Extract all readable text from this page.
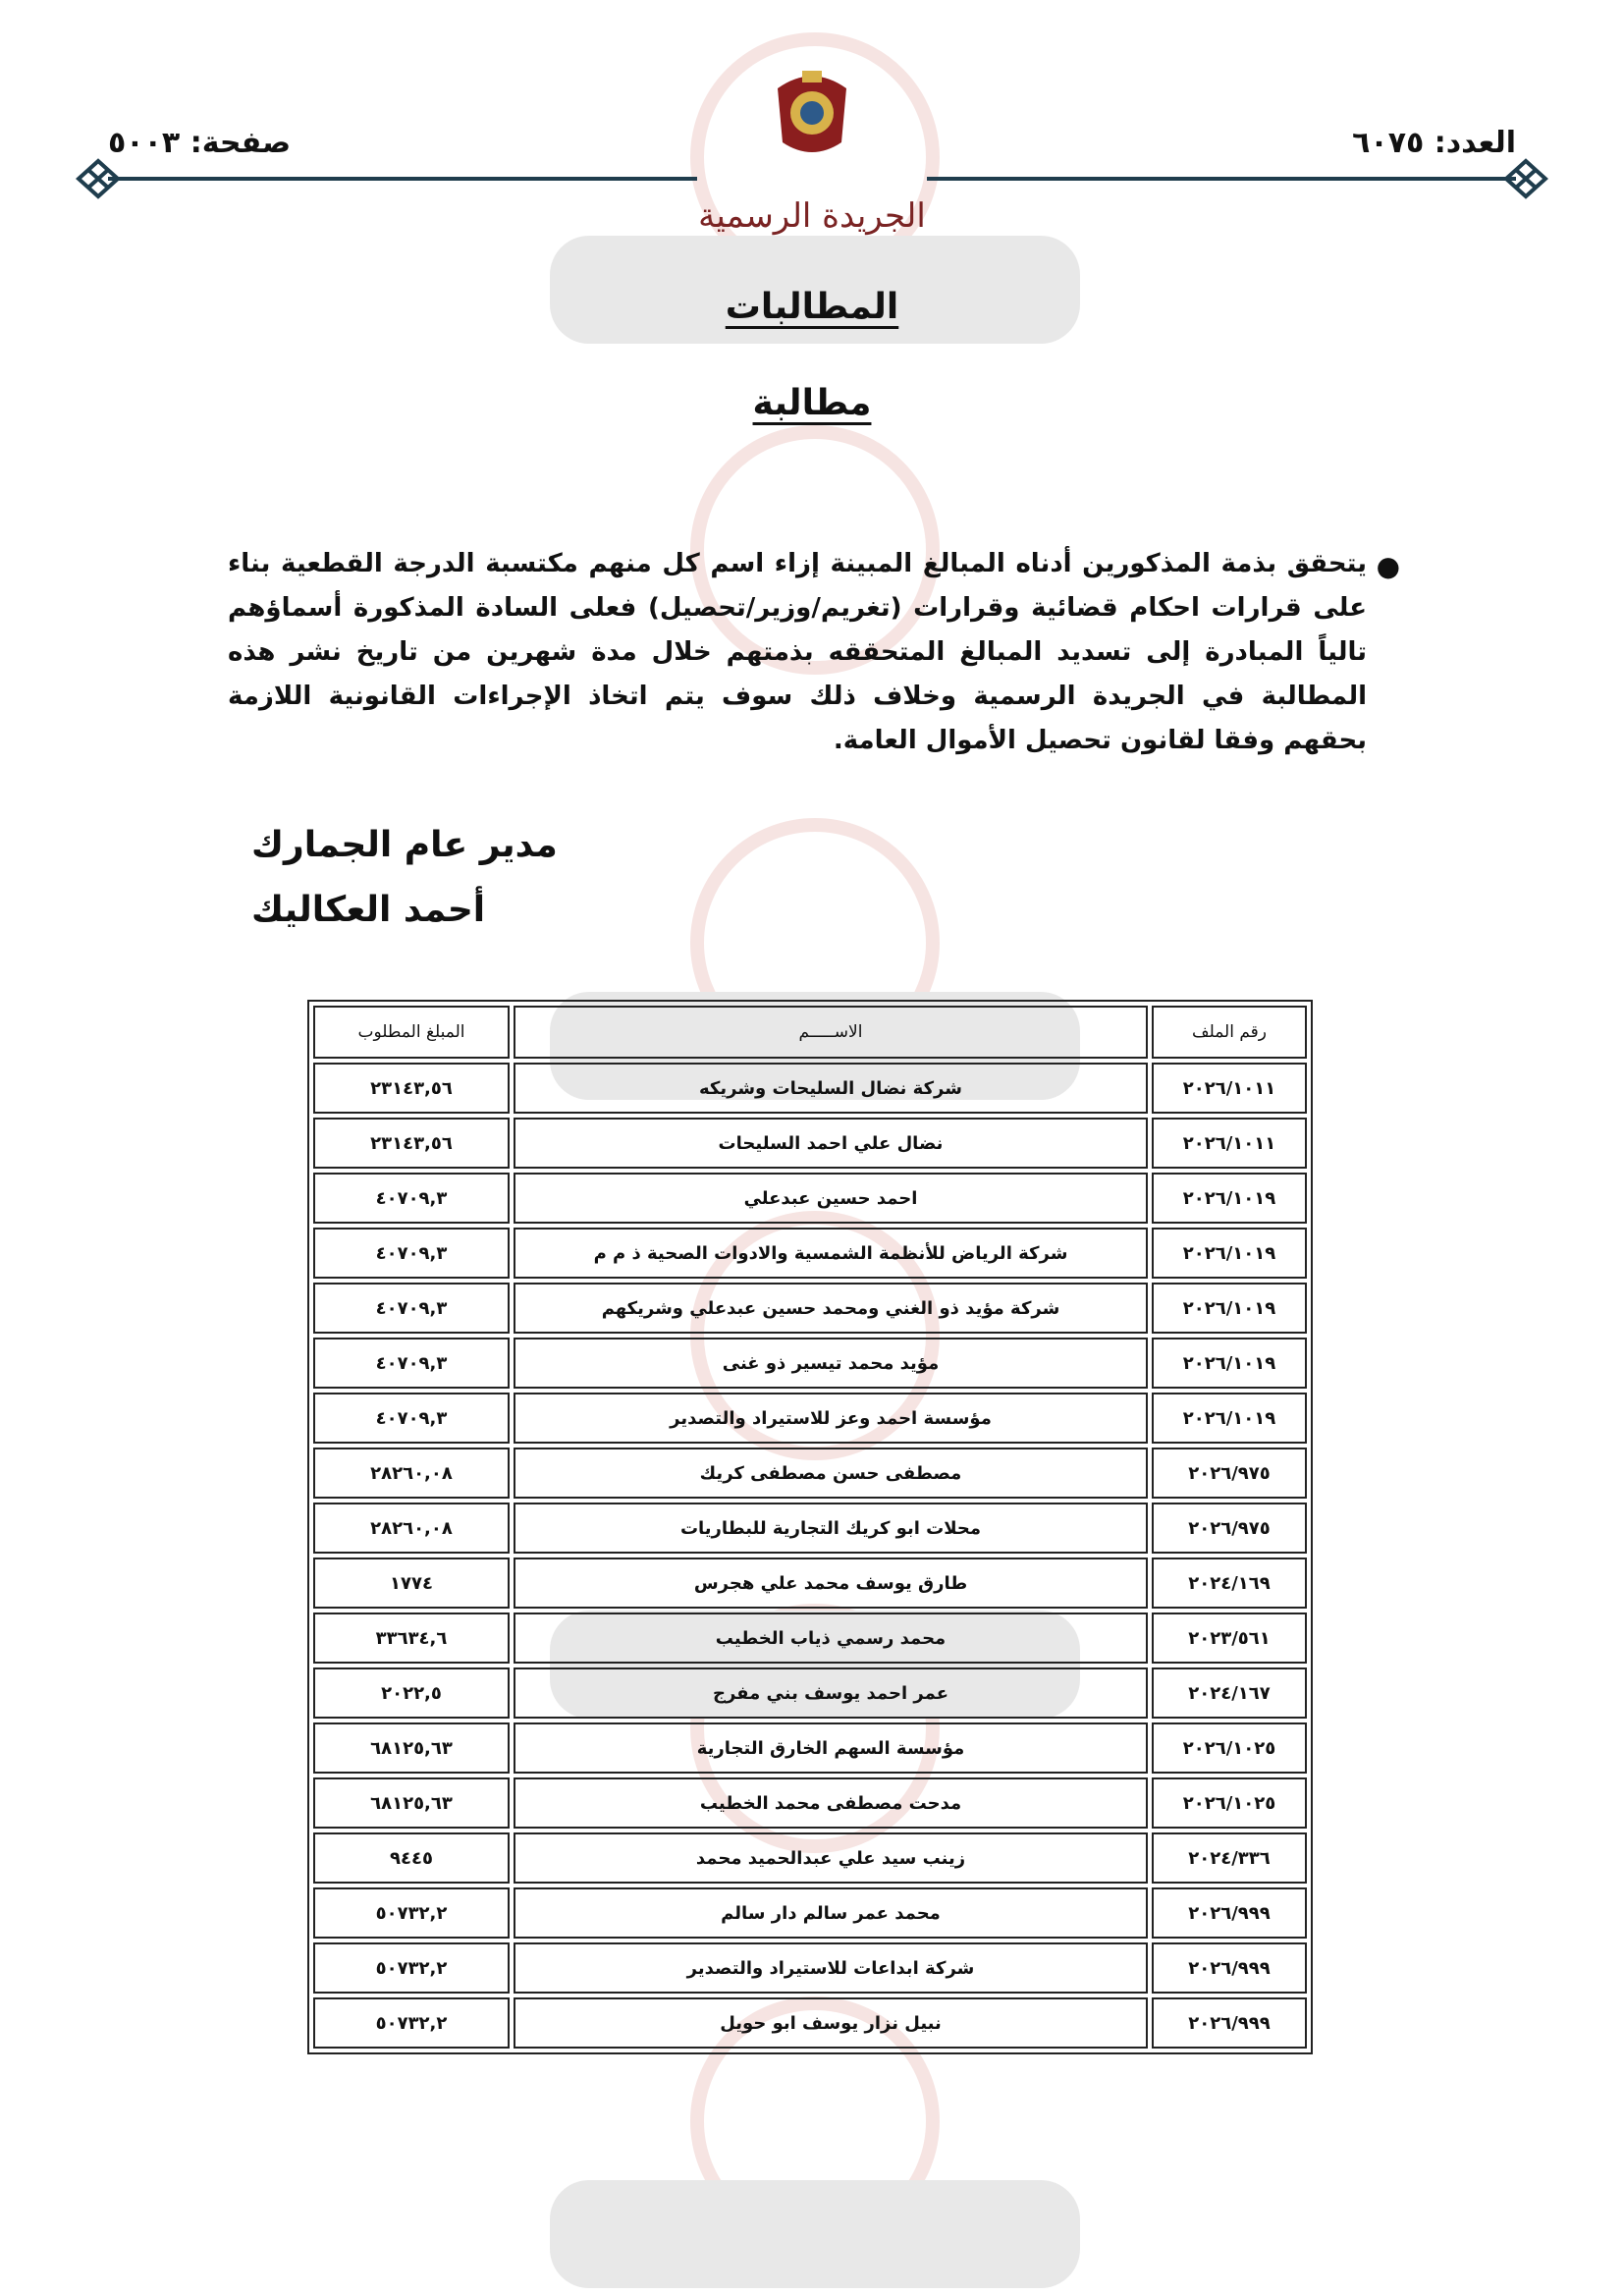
العدد: ٦٠٧٥
صفحة: ٥٠٠٣
الجريدة الرسمية
المطالبات
مطالبة
●
يتحقق بذمة المذكورين أدناه المبالغ المبينة إزاء اسم كل منهم مكتسبة الدرجة القطعية بناء على قرارات احكام قضائية وقرارات (تغريم/وزير/تحصيل) فعلى السادة المذكورة أسماؤهم تالياً المبادرة إلى تسديد المبالغ المتحققه بذمتهم خلال مدة شهرين من تاريخ نشر هذه المطالبة في الجريدة الرسمية وخلاف ذلك سوف يتم اتخاذ الإجراءات القانونية اللازمة بحقهم وفقا لقانون تحصيل الأموال العامة.
مدير عام الجمارك
أحمد العكاليك
رقم الملف	الاســـــم	المبلغ المطلوب
٢٠٢٦/١٠١١	شركة نضال السليحات وشريكه	٢٣١٤٣,٥٦
٢٠٢٦/١٠١١	نضال علي احمد السليحات	٢٣١٤٣,٥٦
٢٠٢٦/١٠١٩	احمد حسين عبدعلي	٤٠٧٠٩,٣
٢٠٢٦/١٠١٩	شركة الرياض للأنظمة الشمسية والادوات الصحية ذ م م	٤٠٧٠٩,٣
٢٠٢٦/١٠١٩	شركة مؤيد ذو الغني ومحمد حسين عبدعلي وشريكهم	٤٠٧٠٩,٣
٢٠٢٦/١٠١٩	مؤيد محمد تيسير ذو غنى	٤٠٧٠٩,٣
٢٠٢٦/١٠١٩	مؤسسة احمد وعز للاستيراد والتصدير	٤٠٧٠٩,٣
٢٠٢٦/٩٧٥	مصطفى حسن مصطفى كريك	٢٨٢٦٠,٠٨
٢٠٢٦/٩٧٥	محلات ابو كريك التجارية للبطاريات	٢٨٢٦٠,٠٨
٢٠٢٤/١٦٩	طارق يوسف محمد علي هجرس	١٧٧٤
٢٠٢٣/٥٦١	محمد رسمي ذياب الخطيب	٣٣٦٣٤,٦
٢٠٢٤/١٦٧	عمر احمد يوسف بني مفرج	٢٠٢٢,٥
٢٠٢٦/١٠٢٥	مؤسسة السهم الخارق التجارية	٦٨١٢٥,٦٣
٢٠٢٦/١٠٢٥	مدحت مصطفى محمد الخطيب	٦٨١٢٥,٦٣
٢٠٢٤/٣٣٦	زينب سيد علي عبدالحميد محمد	٩٤٤٥
٢٠٢٦/٩٩٩	محمد عمر سالم دار سالم	٥٠٧٣٢,٢
٢٠٢٦/٩٩٩	شركة ابداعات للاستيراد والتصدير	٥٠٧٣٢,٢
٢٠٢٦/٩٩٩	نبيل نزار يوسف ابو حويل	٥٠٧٣٢,٢
